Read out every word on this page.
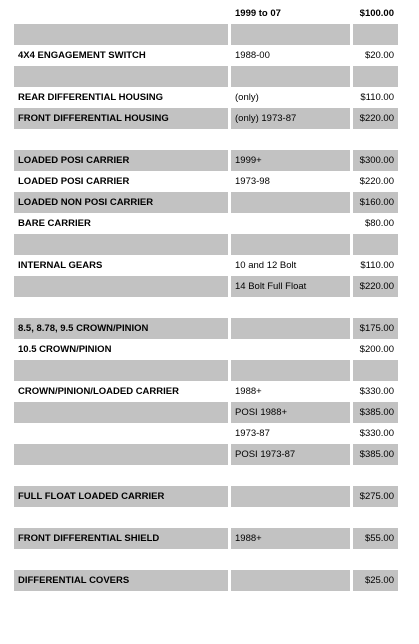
	1999 to 07	$100.00

4X4 ENGAGEMENT SWITCH	1988-00	$20.00

REAR DIFFERENTIAL HOUSING	(only)	$110.00
FRONT DIFFERENTIAL HOUSING	(only) 1973-87	$220.00

LOADED POSI CARRIER	1999+	$300.00
LOADED POSI CARRIER	1973-98	$220.00
LOADED NON POSI CARRIER		$160.00
BARE CARRIER		$80.00

INTERNAL GEARS	10 and 12 Bolt	$110.00
	14 Bolt Full Float	$220.00

8.5, 8.78, 9.5 CROWN/PINION		$175.00
10.5 CROWN/PINION		$200.00

CROWN/PINION/LOADED CARRIER	1988+	$330.00
	POSI 1988+	$385.00
	1973-87	$330.00
	POSI 1973-87	$385.00

FULL FLOAT LOADED CARRIER		$275.00

FRONT DIFFERENTIAL SHIELD	1988+	$55.00

DIFFERENTIAL COVERS		$25.00
